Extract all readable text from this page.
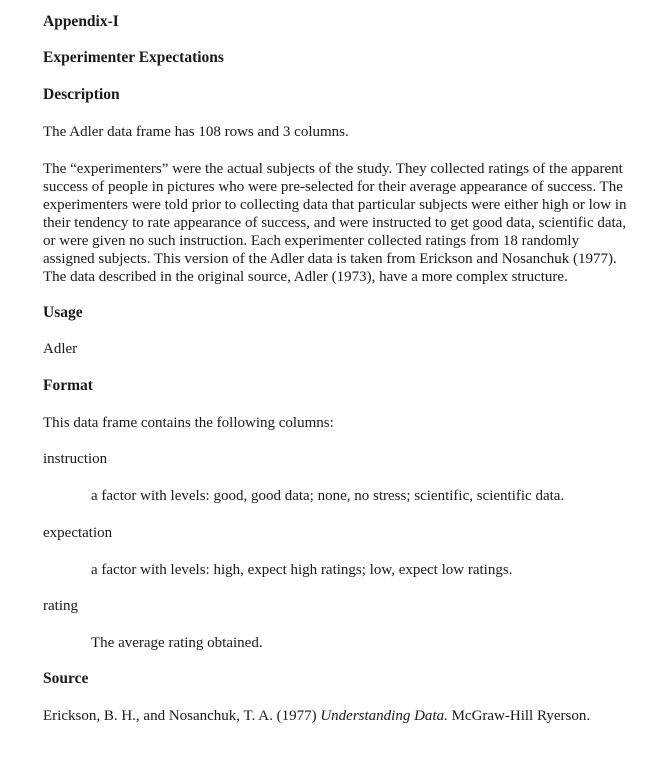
Appendix-I
Experimenter Expectations
Description
The Adler data frame has 108 rows and 3 columns.
The “experimenters” were the actual subjects of the study. They collected ratings of the apparent
success of people in pictures who were pre-selected for their average appearance of success. The
experimenters were told prior to collecting data that particular subjects were either high or low in
their tendency to rate appearance of success, and were instructed to get good data, scientific data,
or were given no such instruction. Each experimenter collected ratings from 18 randomly
assigned subjects. This version of the Adler data is taken from Erickson and Nosanchuk (1977).
The data described in the original source, Adler (1973), have a more complex structure.
Usage
Adler
Format
This data frame contains the following columns:
instruction
a factor with levels: good, good data; none, no stress; scientific, scientific data.
expectation
a factor with levels: high, expect high ratings; low, expect low ratings.
rating
The average rating obtained.
Source
Erickson, B. H., and Nosanchuk, T. A. (1977) Understanding Data. McGraw-Hill Ryerson.
